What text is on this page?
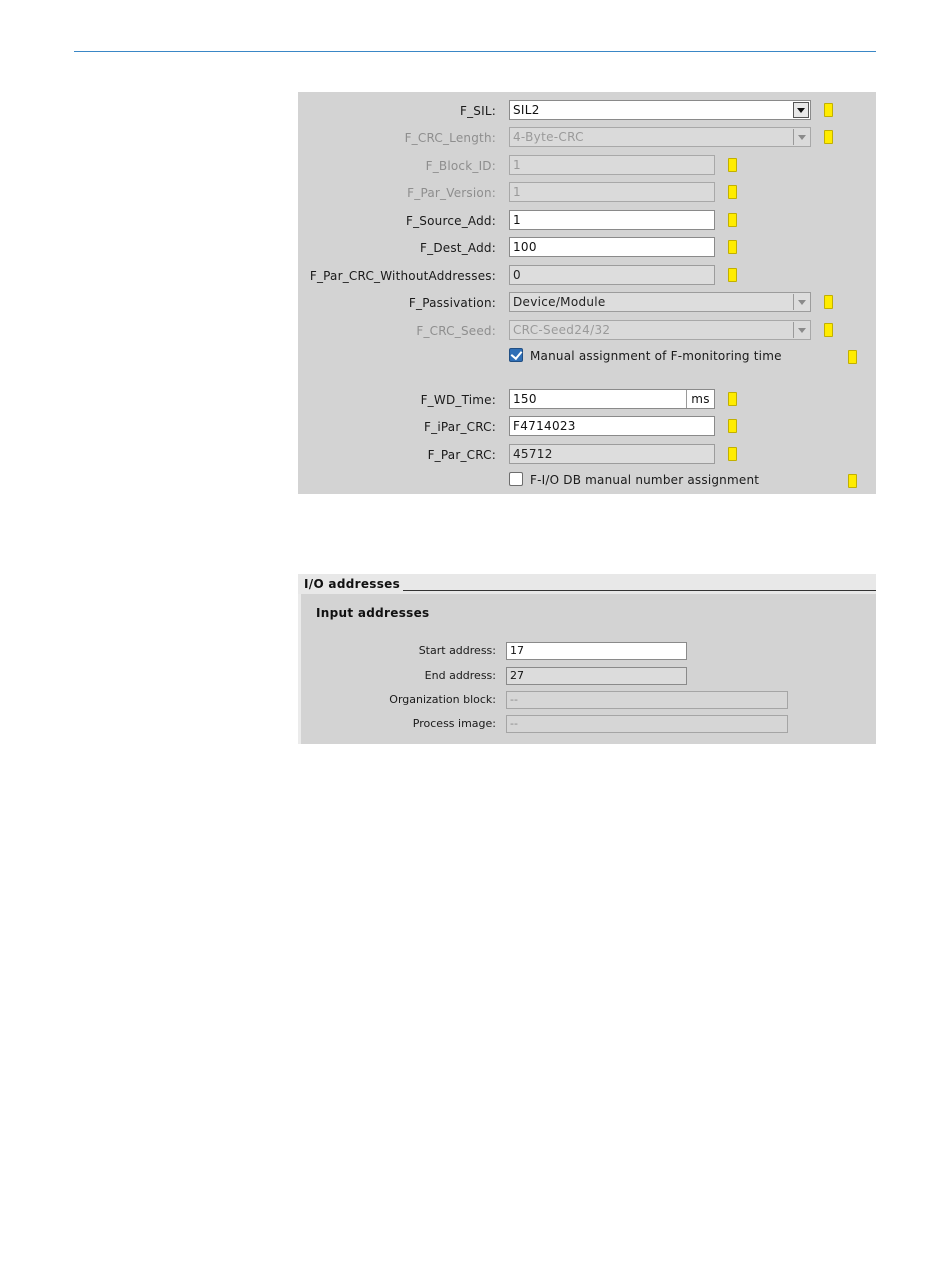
F_SIL:	SIL2
F_CRC_Length:	4-Byte-CRC
F_Block_ID:	1
F_Par_Version:	1
F_Source_Add:	1
F_Dest_Add:	100
F_Par_CRC_WithoutAddresses:	0
F_Passivation:	Device/Module
F_CRC_Seed:	CRC-Seed24/32
Manual assignment of F-monitoring time
F_WD_Time:	150	ms
F_iPar_CRC:	F4714023
F_Par_CRC:	45712
F-I/O DB manual number assignment
I/O addresses
Input addresses
Start address:	17
End address:	27
Organization block:	--
Process image:	--
